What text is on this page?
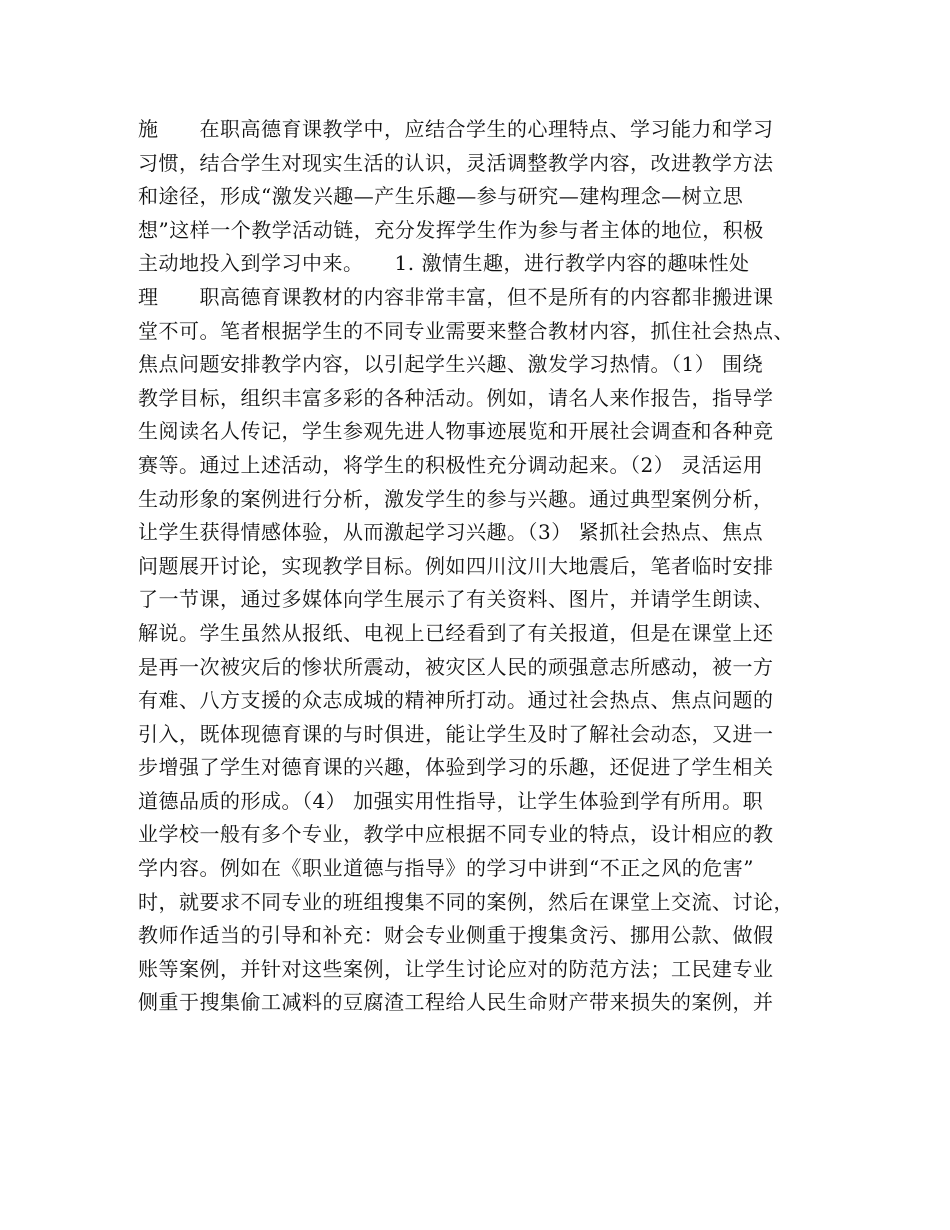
施　　在职高德育课教学中，应结合学生的心理特点、学习能力和学习
习惯，结合学生对现实生活的认识，灵活调整教学内容，改进教学方法
和途径，形成“激发兴趣—产生乐趣—参与研究—建构理念—树立思
想”这样一个教学活动链，充分发挥学生作为参与者主体的地位，积极
主动地投入到学习中来。　　1. 激情生趣，进行教学内容的趣味性处
理　　职高德育课教材的内容非常丰富，但不是所有的内容都非搬进课
堂不可。笔者根据学生的不同专业需要来整合教材内容，抓住社会热点、
焦点问题安排教学内容，以引起学生兴趣、激发学习热情。（1） 围绕
教学目标，组织丰富多彩的各种活动。例如，请名人来作报告，指导学
生阅读名人传记，学生参观先进人物事迹展览和开展社会调查和各种竞
赛等。通过上述活动，将学生的积极性充分调动起来。（2） 灵活运用
生动形象的案例进行分析，激发学生的参与兴趣。通过典型案例分析，
让学生获得情感体验，从而激起学习兴趣。（3） 紧抓社会热点、焦点
问题展开讨论，实现教学目标。例如四川汶川大地震后，笔者临时安排
了一节课，通过多媒体向学生展示了有关资料、图片，并请学生朗读、
解说。学生虽然从报纸、电视上已经看到了有关报道，但是在课堂上还
是再一次被灾后的惨状所震动，被灾区人民的顽强意志所感动，被一方
有难、八方支援的众志成城的精神所打动。通过社会热点、焦点问题的
引入，既体现德育课的与时俱进，能让学生及时了解社会动态，又进一
步增强了学生对德育课的兴趣，体验到学习的乐趣，还促进了学生相关
道德品质的形成。（4） 加强实用性指导，让学生体验到学有所用。职
业学校一般有多个专业，教学中应根据不同专业的特点，设计相应的教
学内容。例如在《职业道德与指导》的学习中讲到“不正之风的危害”
时，就要求不同专业的班组搜集不同的案例，然后在课堂上交流、讨论，
教师作适当的引导和补充：财会专业侧重于搜集贪污、挪用公款、做假
账等案例，并针对这些案例，让学生讨论应对的防范方法；工民建专业
侧重于搜集偷工减料的豆腐渣工程给人民生命财产带来损失的案例，并
